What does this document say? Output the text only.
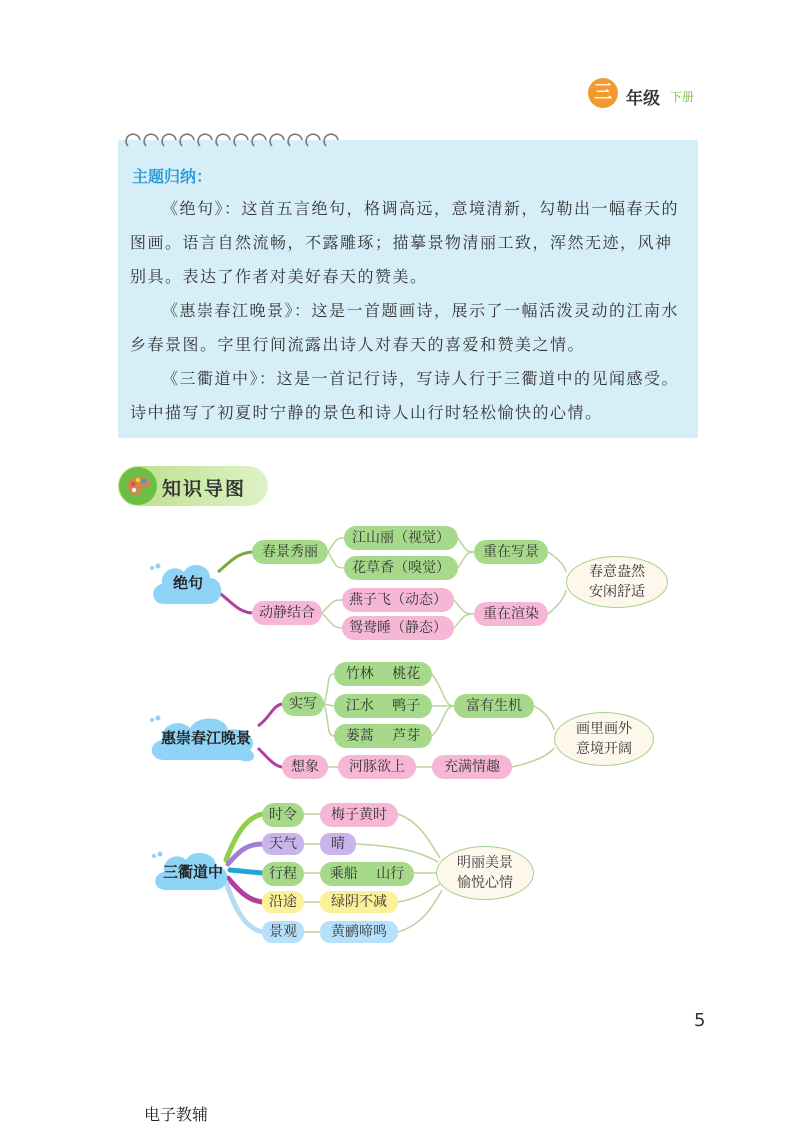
三 年级 下册
主题归纳：

《绝句》：这首五言绝句，格调高远，意境清新，勾勒出一幅春天的图画。语言自然流畅，不露雕琢；描摹景物清丽工致，浑然无迹，风神别具。表达了作者对美好春天的赞美。

《惠崇春江晚景》：这是一首题画诗，展示了一幅活泼灵动的江南水乡春景图。字里行间流露出诗人对春天的喜爱和赞美之情。

《三衢道中》：这是一首记行诗，写诗人行于三衢道中的见闻感受。诗中描写了初夏时宁静的景色和诗人山行时轻松愉快的心情。

知识导图
绝句
春景秀丽
江山丽（视觉）
花草香（嗅觉）
重在写景
动静结合
燕子飞（动态）
鸳鸯睡（静态）
重在渲染
春意盎然
安闲舒适
惠崇春江晚景
实写
竹林　 桃花
江水　 鸭子
蒌蒿　 芦芽
富有生机
想象	河豚欲上	充满情趣
画里画外
意境开阔
三衢道中
时令	梅子黄时
天气	晴
行程	乘船　 山行
沿途	绿阴不减
景观	黄鹂啼鸣
明丽美景
愉悦心情
5
电子教辅
